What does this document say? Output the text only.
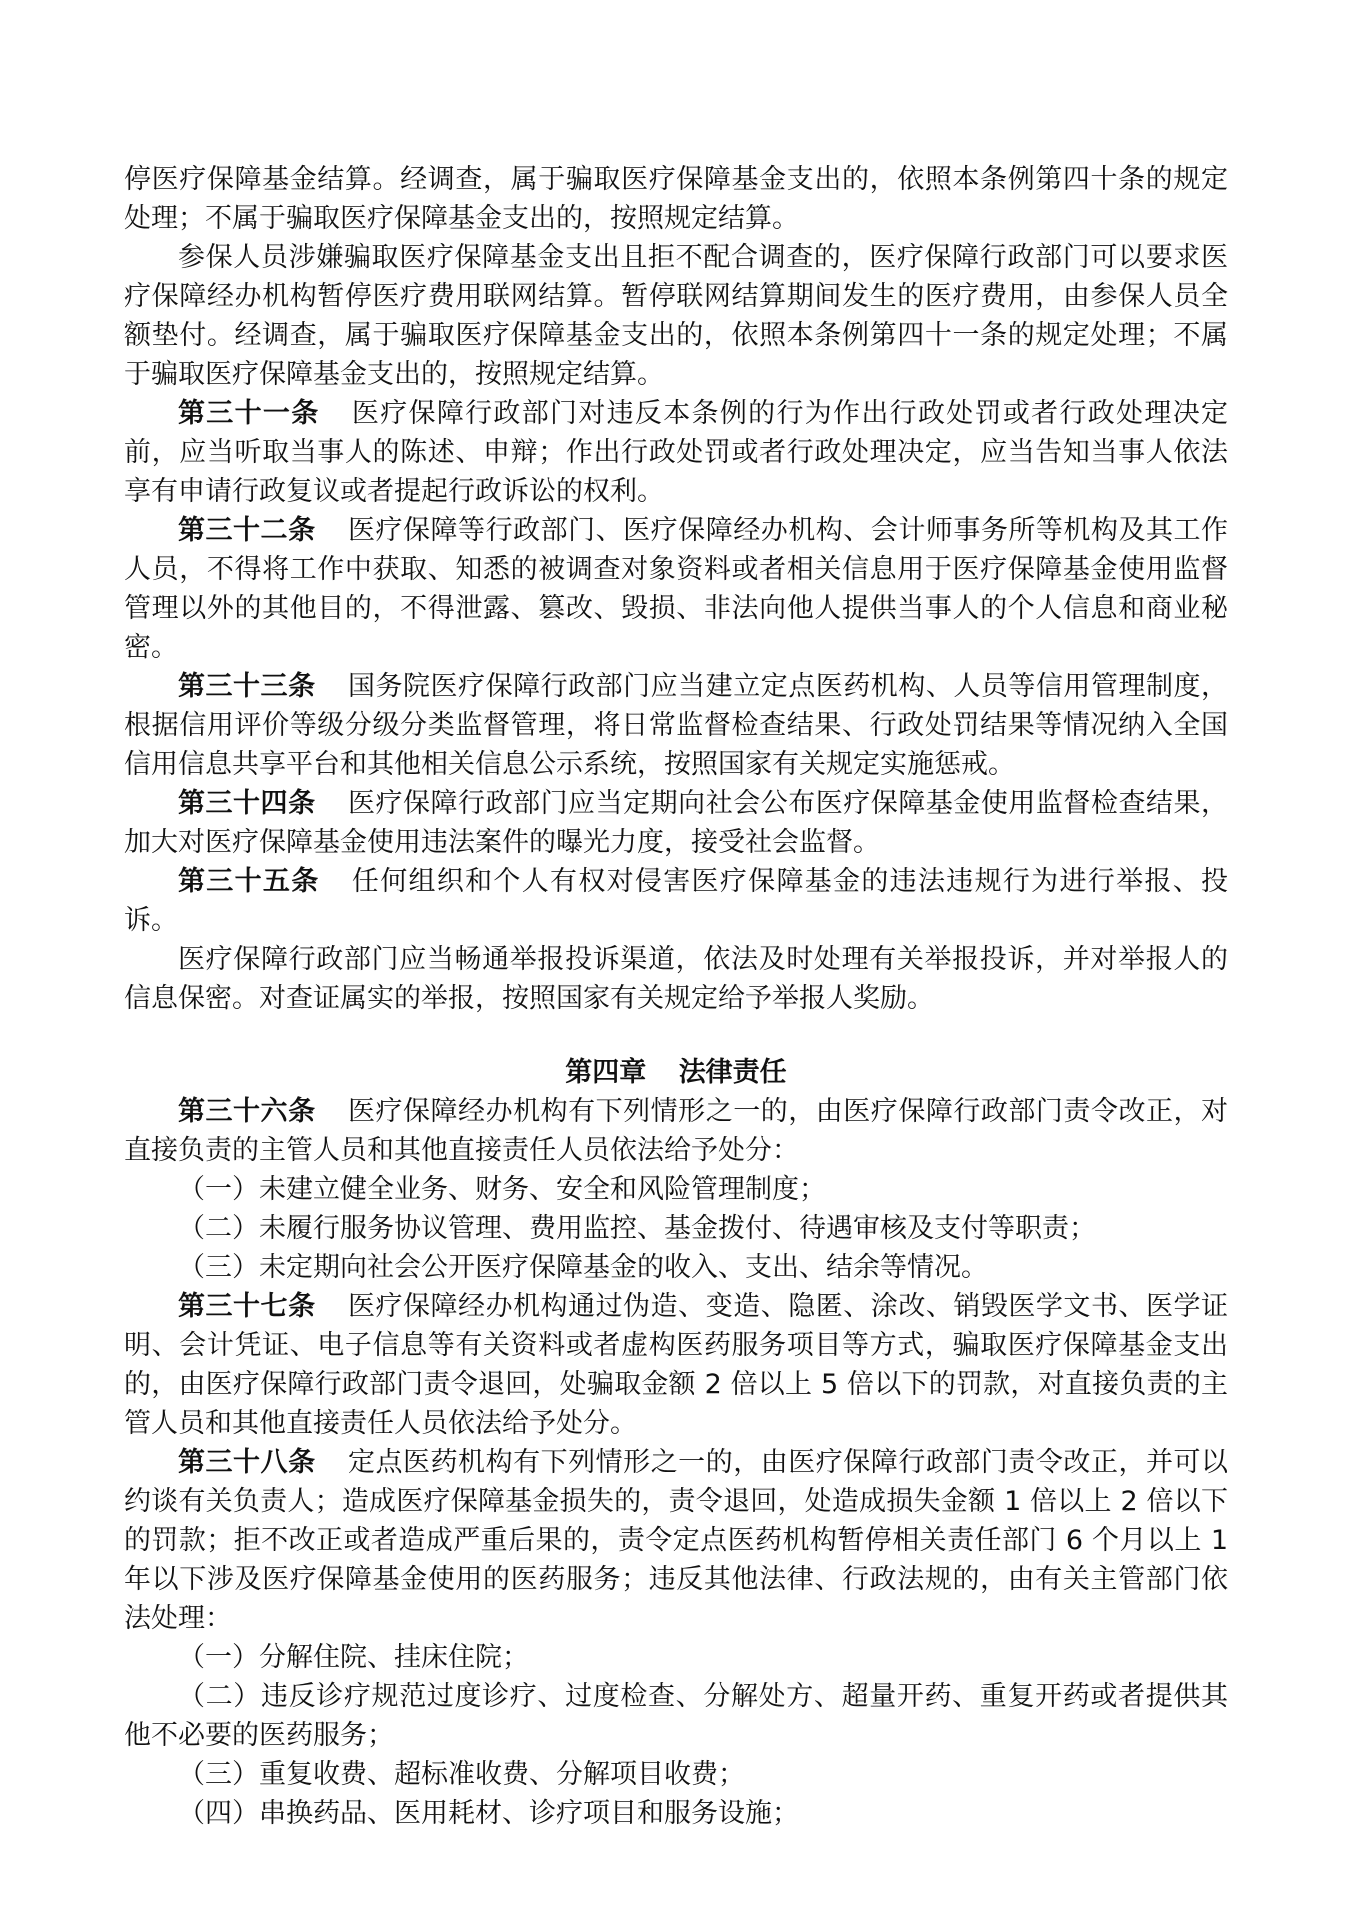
停医疗保障基金结算。经调查，属于骗取医疗保障基金支出的，依照本条例第四十条的规定处理；不属于骗取医疗保障基金支出的，按照规定结算。

参保人员涉嫌骗取医疗保障基金支出且拒不配合调查的，医疗保障行政部门可以要求医疗保障经办机构暂停医疗费用联网结算。暂停联网结算期间发生的医疗费用，由参保人员全额垫付。经调查，属于骗取医疗保障基金支出的，依照本条例第四十一条的规定处理；不属于骗取医疗保障基金支出的，按照规定结算。

第三十一条 医疗保障行政部门对违反本条例的行为作出行政处罚或者行政处理决定前，应当听取当事人的陈述、申辩；作出行政处罚或者行政处理决定，应当告知当事人依法享有申请行政复议或者提起行政诉讼的权利。

第三十二条 医疗保障等行政部门、医疗保障经办机构、会计师事务所等机构及其工作人员，不得将工作中获取、知悉的被调查对象资料或者相关信息用于医疗保障基金使用监督管理以外的其他目的，不得泄露、篡改、毁损、非法向他人提供当事人的个人信息和商业秘密。

第三十三条 国务院医疗保障行政部门应当建立定点医药机构、人员等信用管理制度，根据信用评价等级分级分类监督管理，将日常监督检查结果、行政处罚结果等情况纳入全国信用信息共享平台和其他相关信息公示系统，按照国家有关规定实施惩戒。

第三十四条 医疗保障行政部门应当定期向社会公布医疗保障基金使用监督检查结果，加大对医疗保障基金使用违法案件的曝光力度，接受社会监督。

第三十五条 任何组织和个人有权对侵害医疗保障基金的违法违规行为进行举报、投诉。

医疗保障行政部门应当畅通举报投诉渠道，依法及时处理有关举报投诉，并对举报人的信息保密。对查证属实的举报，按照国家有关规定给予举报人奖励。

第四章 法律责任

第三十六条 医疗保障经办机构有下列情形之一的，由医疗保障行政部门责令改正，对直接负责的主管人员和其他直接责任人员依法给予处分：

（一）未建立健全业务、财务、安全和风险管理制度；

（二）未履行服务协议管理、费用监控、基金拨付、待遇审核及支付等职责；

（三）未定期向社会公开医疗保障基金的收入、支出、结余等情况。

第三十七条 医疗保障经办机构通过伪造、变造、隐匿、涂改、销毁医学文书、医学证明、会计凭证、电子信息等有关资料或者虚构医药服务项目等方式，骗取医疗保障基金支出的，由医疗保障行政部门责令退回，处骗取金额 2 倍以上 5 倍以下的罚款，对直接负责的主管人员和其他直接责任人员依法给予处分。

第三十八条 定点医药机构有下列情形之一的，由医疗保障行政部门责令改正，并可以约谈有关负责人；造成医疗保障基金损失的，责令退回，处造成损失金额 1 倍以上 2 倍以下的罚款；拒不改正或者造成严重后果的，责令定点医药机构暂停相关责任部门 6 个月以上 1 年以下涉及医疗保障基金使用的医药服务；违反其他法律、行政法规的，由有关主管部门依法处理：

（一）分解住院、挂床住院；

（二）违反诊疗规范过度诊疗、过度检查、分解处方、超量开药、重复开药或者提供其他不必要的医药服务；

（三）重复收费、超标准收费、分解项目收费；

（四）串换药品、医用耗材、诊疗项目和服务设施；
